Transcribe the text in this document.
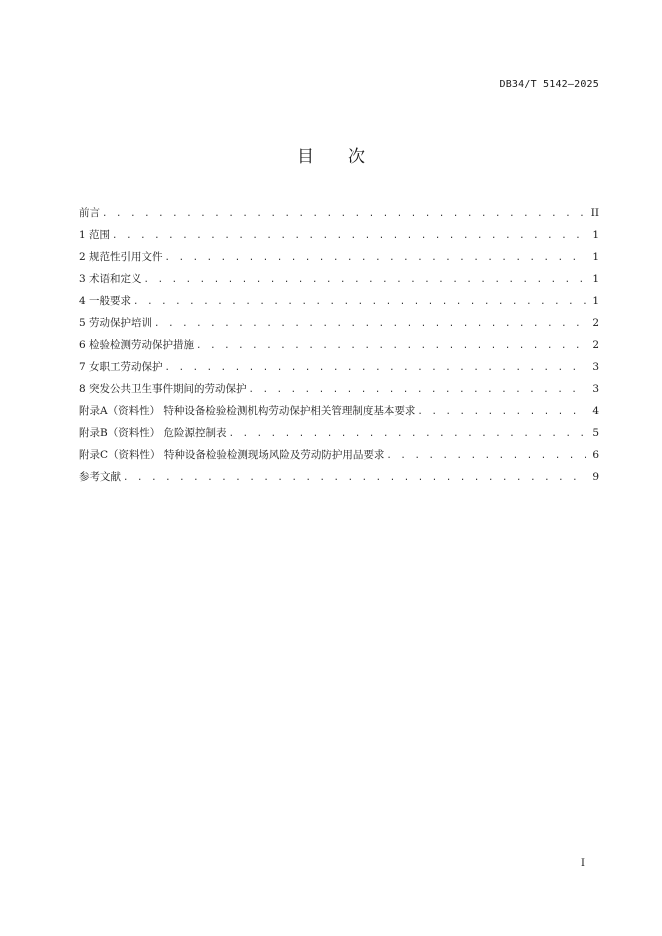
DB34/T 5142—2025
目 次
前言 . . .	II
1 范围 . . .	1
2 规范性引用文件 . . .	1
3 术语和定义 . . .	1
4 一般要求 . . .	1
5 劳动保护培训 . . .	2
6 检验检测劳动保护措施 . . .	2
7 女职工劳动保护 . . .	3
8 突发公共卫生事件期间的劳动保护 . . .	3
附录A（资料性） 特种设备检验检测机构劳动保护相关管理制度基本要求 . . .	4
附录B（资料性） 危险源控制表 . . .	5
附录C（资料性） 特种设备检验检测现场风险及劳动防护用品要求 . . .	6
参考文献 . . .	9
I
